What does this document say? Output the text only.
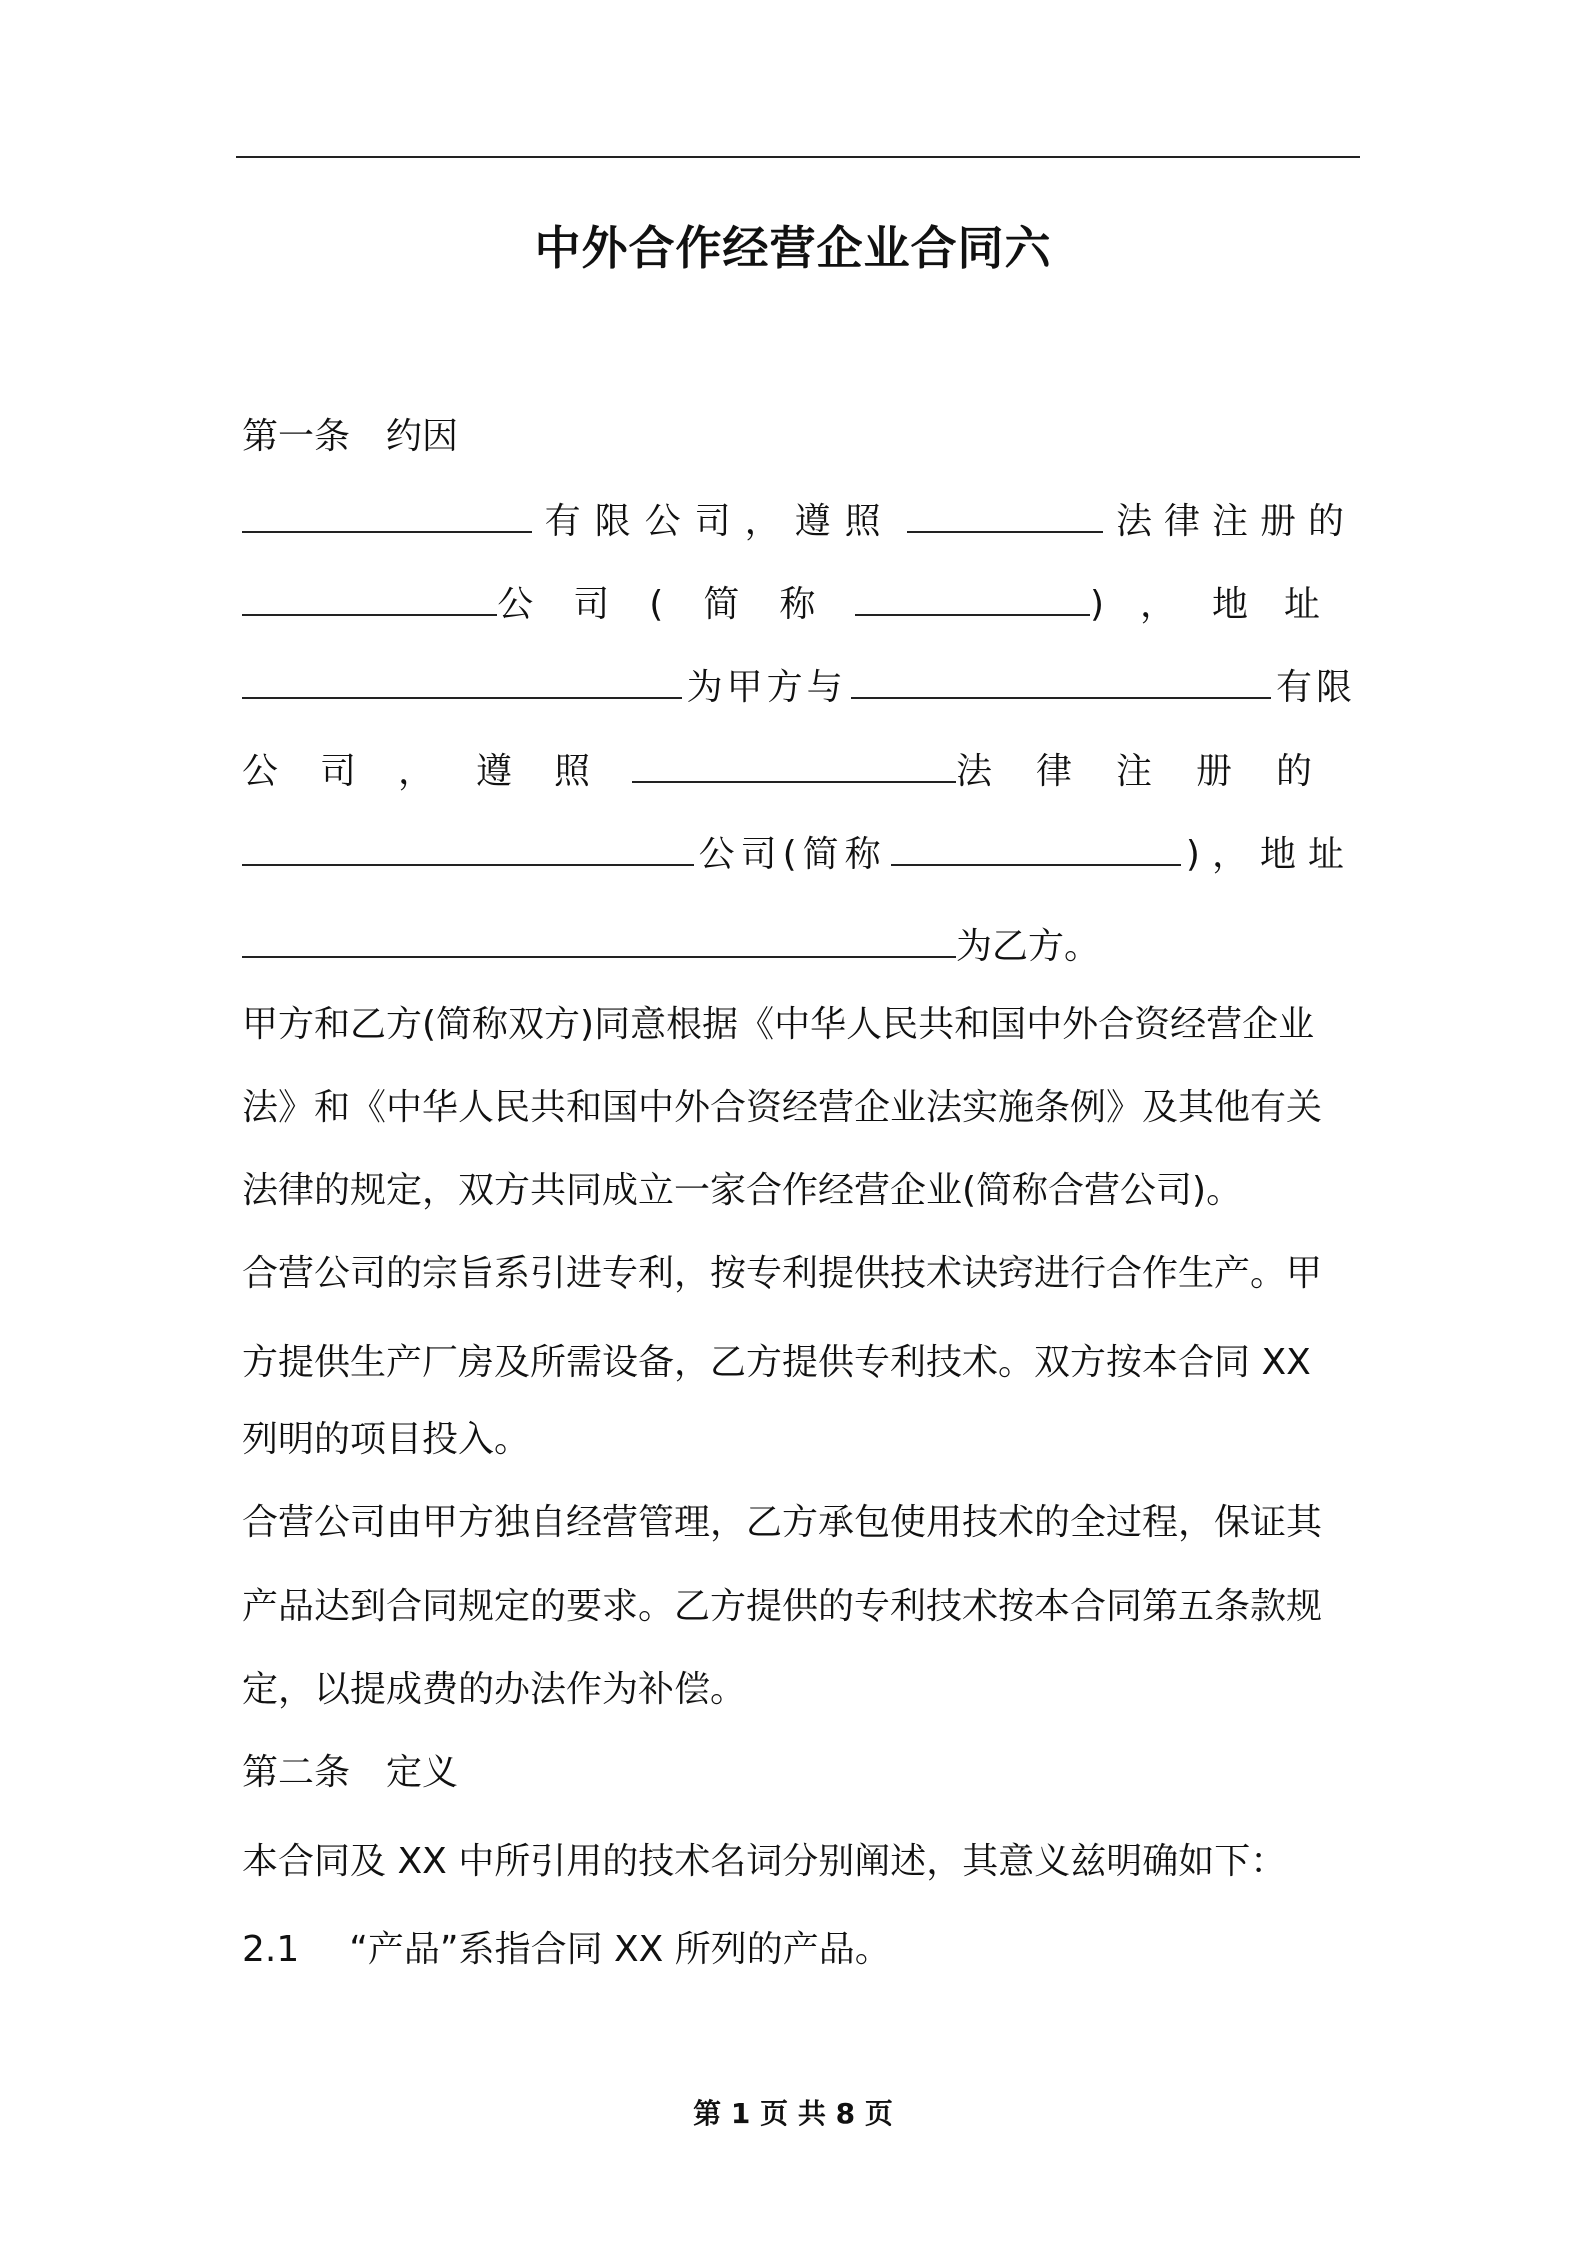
中外合作经营企业合同六
第一条 约因
有限公司，遵照	法律注册的
公司(简称	)，地址
为甲方与	有限
公司，遵照	法律注册的
公司(简称	)，地址
为乙方。
甲方和乙方(简称双方)同意根据《中华人民共和国中外合资经营企业
法》和《中华人民共和国中外合资经营企业法实施条例》及其他有关
法律的规定，双方共同成立一家合作经营企业(简称合营公司)。
合营公司的宗旨系引进专利，按专利提供技术诀窍进行合作生产。甲
方提供生产厂房及所需设备，乙方提供专利技术。双方按本合同 XX
列明的项目投入。
合营公司由甲方独自经营管理，乙方承包使用技术的全过程，保证其
产品达到合同规定的要求。乙方提供的专利技术按本合同第五条款规
定，以提成费的办法作为补偿。
第二条 定义
本合同及 XX 中所引用的技术名词分别阐述，其意义兹明确如下：
2.1 “产品”系指合同 XX 所列的产品。
第 1 页 共 8 页
